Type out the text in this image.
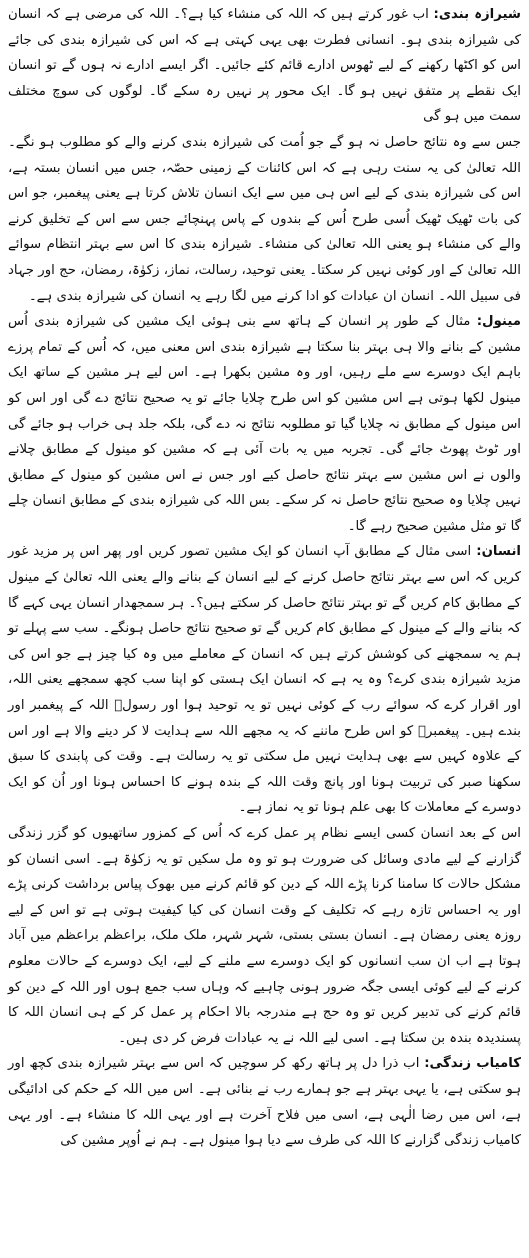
شیرازہ بندی: اب غور کرتے ہیں کہ اللہ کی منشاء کیا ہے؟۔ اللہ کی مرضی ہے کہ انسان کی شیرازہ بندی ہو۔ انسانی فطرت بھی یہی کہتی ہے کہ اس کی شیرازہ بندی کی جائے اس کو اکٹھا رکھنے کے لیے ٹھوس ادارے قائم کئے جائیں۔ اگر ایسے ادارے نہ ہوں گے تو انسان ایک نقطے پر متفق نہیں ہو گا۔ ایک محور پر نہیں رہ سکے گا۔ لوگوں کی سوچ مختلف سمت میں ہو گی

جس سے وہ نتائج حاصل نہ ہو گے جو اُمت کی شیرازہ بندی کرنے والے کو مطلوب ہو نگے۔ اللہ تعالیٰ کی یہ سنت رہی ہے کہ اس کائنات کے زمینی حصّہ، جس میں انسان بستہ ہے، اس کی شیرازہ بندی کے لیے اس ہی میں سے ایک انسان تلاش کرتا ہے یعنی پیغمبر، جو اس کی بات ٹھیک ٹھیک اُسی طرح اُس کے بندوں کے پاس پہنچائے جس سے اس کے تخلیق کرنے والے کی منشاء ہو یعنی اللہ تعالیٰ کی منشاء۔ شیرازہ بندی کا اس سے بہتر انتظام سوائے اللہ تعالیٰ کے اور کوئی نہیں کر سکتا۔ یعنی توحید، رسالت، نماز، زکوٰۃ، رمضان، حج اور جہاد فی سبیل اللہ۔ انسان ان عبادات کو ادا کرنے میں لگا رہے یہ انسان کی شیرازہ بندی ہے۔

مینول: مثال کے طور پر انسان کے ہاتھ سے بنی ہوئی ایک مشین کی شیرازہ بندی اُس مشین کے بنانے والا ہی بہتر بنا سکتا ہے شیرازہ بندی اس معنی میں، کہ اُس کے تمام پرزے باہم ایک دوسرے سے ملے رہیں، اور وہ مشین بکھرا ہے۔ اس لیے ہر مشین کے ساتھ ایک مینول لکھا ہوتی ہے اس مشین کو اس طرح چلایا جائے تو یہ صحیح نتائج دے گی اور اس کو اس مینول کے مطابق نہ چلایا گیا تو مطلوبہ نتائج نہ دے گی، بلکہ جلد ہی خراب ہو جائے گی اور ٹوٹ پھوٹ جائے گی۔ تجربہ میں یہ بات آئی ہے کہ مشین کو مینول کے مطابق چلانے والوں نے اس مشین سے بہتر نتائج حاصل کیے اور جس نے اس مشین کو مینول کے مطابق نہیں چلایا وہ صحیح نتائج حاصل نہ کر سکے۔ بس اللہ کی شیرازہ بندی کے مطابق انسان چلے گا تو مثل مشین صحیح رہے گا۔

انسان: اسی مثال کے مطابق آپ انسان کو ایک مشین تصور کریں اور پھر اس پر مزید غور کریں کہ اس سے بہتر نتائج حاصل کرنے کے لیے انسان کے بنانے والے یعنی اللہ تعالیٰ کے مینول کے مطابق کام کریں گے تو بہتر نتائج حاصل کر سکتے ہیں؟۔ ہر سمجھدار انسان یہی کہے گا کہ بنانے والے کے مینول کے مطابق کام کریں گے تو صحیح نتائج حاصل ہونگے۔ سب سے پہلے تو ہم یہ سمجھنے کی کوشش کرتے ہیں کہ انسان کے معاملے میں وہ کیا چیز ہے جو اس کی مزید شیرازہ بندی کرے؟ وہ یہ ہے کہ انسان ایک ہستی کو اپنا سب کچھ سمجھے یعنی اللہ، اور اقرار کرے کہ سوائے رب کے کوئی نہیں تو یہ توحید ہوا اور رسولؐ اللہ کے پیغمبر اور بندے ہیں۔ پیغمبرؐ کو اس طرح ماننے کہ یہ مجھے اللہ سے ہدایت لا کر دینے والا ہے اور اس کے علاوہ کہیں سے بھی ہدایت نہیں مل سکتی تو یہ رسالت ہے۔ وقت کی پابندی کا سبق سکھنا صبر کی تربیت ہونا اور پانچ وقت اللہ کے بندہ ہونے کا احساس ہونا اور اُن کو ایک دوسرے کے معاملات کا بھی علم ہونا تو یہ نماز ہے۔

اس کے بعد انسان کسی ایسے نظام پر عمل کرے کہ اُس کے کمزور ساتھیوں کو گزر زندگی گزارنے کے لیے مادی وسائل کی ضرورت ہو تو وہ مل سکیں تو یہ زکوٰۃ ہے۔ اسی انسان کو مشکل حالات کا سامنا کرنا پڑے اللہ کے دین کو قائم کرنے میں بھوک پیاس برداشت کرنی پڑے اور یہ احساس تازہ رہے کہ تکلیف کے وقت انسان کی کیا کیفیت ہوتی ہے تو اس کے لیے روزہ یعنی رمضان ہے۔ انسان بستی بستی، شہر شہر، ملک ملک، براعظم براعظم میں آباد ہوتا ہے اب ان سب انسانوں کو ایک دوسرے سے ملنے کے لیے، ایک دوسرے کے حالات معلوم کرنے کے لیے کوئی ایسی جگہ ضرور ہونی چاہیے کہ وہاں سب جمع ہوں اور اللہ کے دین کو قائم کرنے کی تدبیر کریں تو وہ حج ہے مندرجہ بالا احکام پر عمل کر کے ہی انسان اللہ کا پسندیدہ بندہ بن سکتا ہے۔ اسی لیے اللہ نے یہ عبادات فرض کر دی ہیں۔

کامیاب زندگی: اب ذرا دل پر ہاتھ رکھ کر سوچیں کہ اس سے بہتر شیرازہ بندی کچھ اور ہو سکتی ہے، یا یہی بہتر ہے جو ہمارے رب نے بنائی ہے۔ اس میں اللہ کے حکم کی ادائیگی ہے، اس میں رضا الٰہی ہے، اسی میں فلاح آخرت ہے اور یہی اللہ کا منشاء ہے۔ اور یہی کامیاب زندگی گزارنے کا اللہ کی طرف سے دیا ہوا مینول ہے۔ ہم نے اُوپر مشین کی
